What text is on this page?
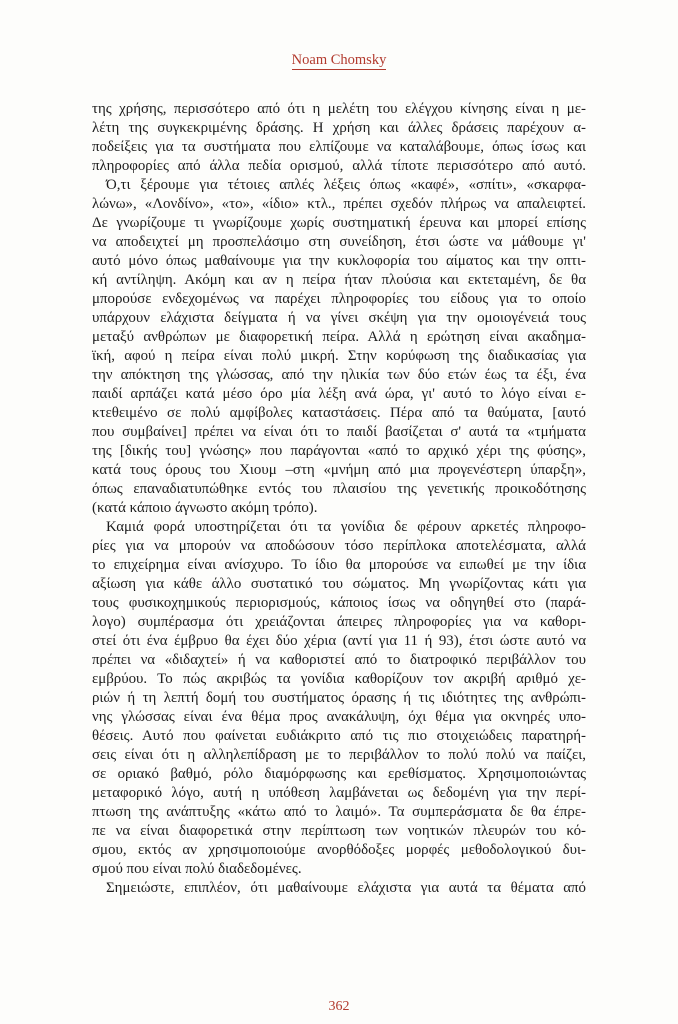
Noam Chomsky
της χρήσης, περισσότερο από ότι η μελέτη του ελέγχου κίνησης είναι η με-
λέτη της συγκεκριμένης δράσης. Η χρήση και άλλες δράσεις παρέχουν α-
ποδείξεις για τα συστήματα που ελπίζουμε να καταλάβουμε, όπως ίσως και
πληροφορίες από άλλα πεδία ορισμού, αλλά τίποτε περισσότερο από αυτό.
Ό,τι ξέρουμε για τέτοιες απλές λέξεις όπως «καφέ», «σπίτι», «σκαρφα-
λώνω», «Λονδίνο», «το», «ίδιο» κτλ., πρέπει σχεδόν πλήρως να απαλειφτεί.
Δε γνωρίζουμε τι γνωρίζουμε χωρίς συστηματική έρευνα και μπορεί επίσης
να αποδειχτεί μη προσπελάσιμο στη συνείδηση, έτσι ώστε να μάθουμε γι'
αυτό μόνο όπως μαθαίνουμε για την κυκλοφορία του αίματος και την οπτι-
κή αντίληψη. Ακόμη και αν η πείρα ήταν πλούσια και εκτεταμένη, δε θα
μπορούσε ενδεχομένως να παρέχει πληροφορίες του είδους για το οποίο
υπάρχουν ελάχιστα δείγματα ή να γίνει σκέψη για την ομοιογένειά τους
μεταξύ ανθρώπων με διαφορετική πείρα. Αλλά η ερώτηση είναι ακαδημα-
ϊκή, αφού η πείρα είναι πολύ μικρή. Στην κορύφωση της διαδικασίας για
την απόκτηση της γλώσσας, από την ηλικία των δύο ετών έως τα έξι, ένα
παιδί αρπάζει κατά μέσο όρο μία λέξη ανά ώρα, γι' αυτό το λόγο είναι ε-
κτεθειμένο σε πολύ αμφίβολες καταστάσεις. Πέρα από τα θαύματα, [αυτό
που συμβαίνει] πρέπει να είναι ότι το παιδί βασίζεται σ' αυτά τα «τμήματα
της [δικής του] γνώσης» που παράγονται «από το αρχικό χέρι της φύσης»,
κατά τους όρους του Χιουμ –στη «μνήμη από μια προγενέστερη ύπαρξη»,
όπως επαναδιατυπώθηκε εντός του πλαισίου της γενετικής προικοδότησης
(κατά κάποιο άγνωστο ακόμη τρόπο).
Καμιά φορά υποστηρίζεται ότι τα γονίδια δε φέρουν αρκετές πληροφο-
ρίες για να μπορούν να αποδώσουν τόσο περίπλοκα αποτελέσματα, αλλά
το επιχείρημα είναι ανίσχυρο. Το ίδιο θα μπορούσε να ειπωθεί με την ίδια
αξίωση για κάθε άλλο συστατικό του σώματος. Μη γνωρίζοντας κάτι για
τους φυσικοχημικούς περιορισμούς, κάποιος ίσως να οδηγηθεί στο (παρά-
λογο) συμπέρασμα ότι χρειάζονται άπειρες πληροφορίες για να καθορι-
στεί ότι ένα έμβρυο θα έχει δύο χέρια (αντί για 11 ή 93), έτσι ώστε αυτό να
πρέπει να «διδαχτεί» ή να καθοριστεί από το διατροφικό περιβάλλον του
εμβρύου. Το πώς ακριβώς τα γονίδια καθορίζουν τον ακριβή αριθμό χε-
ριών ή τη λεπτή δομή του συστήματος όρασης ή τις ιδιότητες της ανθρώπι-
νης γλώσσας είναι ένα θέμα προς ανακάλυψη, όχι θέμα για οκνηρές υπο-
θέσεις. Αυτό που φαίνεται ευδιάκριτο από τις πιο στοιχειώδεις παρατηρή-
σεις είναι ότι η αλληλεπίδραση με το περιβάλλον το πολύ πολύ να παίζει,
σε οριακό βαθμό, ρόλο διαμόρφωσης και ερεθίσματος. Χρησιμοποιώντας
μεταφορικό λόγο, αυτή η υπόθεση λαμβάνεται ως δεδομένη για την περί-
πτωση της ανάπτυξης «κάτω από το λαιμό». Τα συμπεράσματα δε θα έπρε-
πε να είναι διαφορετικά στην περίπτωση των νοητικών πλευρών του κό-
σμου, εκτός αν χρησιμοποιούμε ανορθόδοξες μορφές μεθοδολογικού δυι-
σμού που είναι πολύ διαδεδομένες.
Σημειώστε, επιπλέον, ότι μαθαίνουμε ελάχιστα για αυτά τα θέματα από
362
